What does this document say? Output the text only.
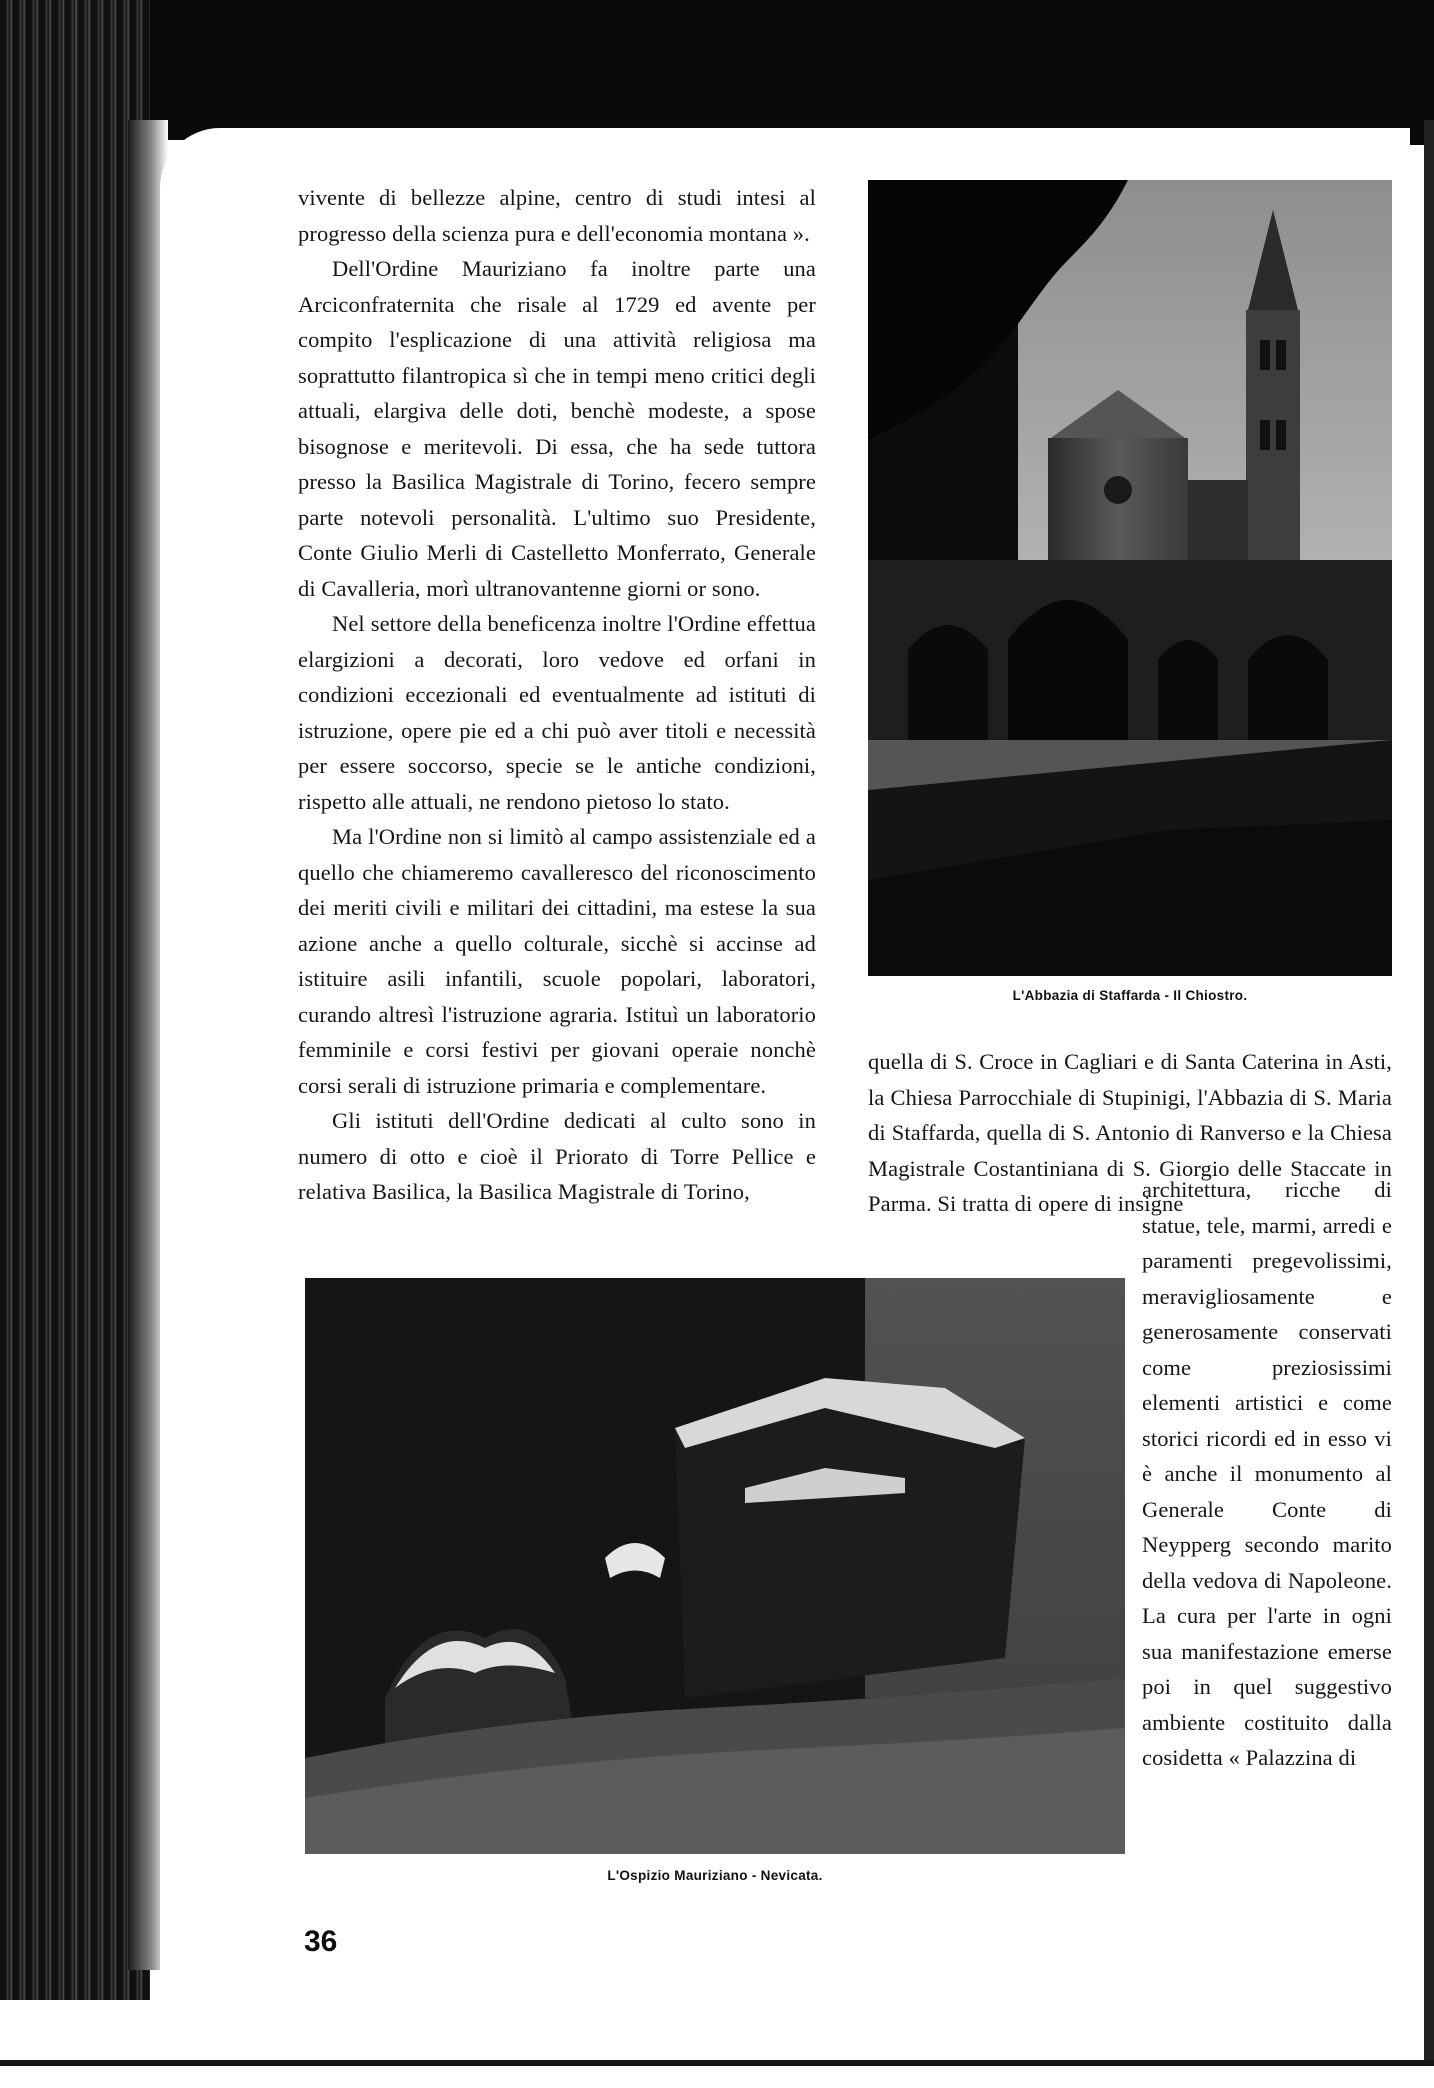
vivente di bellezze alpine, centro di studi intesi al progresso della scienza pura e dell'economia montana ».

Dell'Ordine Mauriziano fa inoltre parte una Arciconfraternita che risale al 1729 ed avente per compito l'esplicazione di una attività religiosa ma soprattutto filantropica sì che in tempi meno critici degli attuali, elargiva delle doti, benchè modeste, a spose bisognose e meritevoli. Di essa, che ha sede tuttora presso la Basilica Magistrale di Torino, fecero sempre parte notevoli personalità. L'ultimo suo Presidente, Conte Giulio Merli di Castelletto Monferrato, Generale di Cavalleria, morì ultranovantenne giorni or sono.

Nel settore della beneficenza inoltre l'Ordine effettua elargizioni a decorati, loro vedove ed orfani in condizioni eccezionali ed eventualmente ad istituti di istruzione, opere pie ed a chi può aver titoli e necessità per essere soccorso, specie se le antiche condizioni, rispetto alle attuali, ne rendono pietoso lo stato.

Ma l'Ordine non si limitò al campo assistenziale ed a quello che chiameremo cavalleresco del riconoscimento dei meriti civili e militari dei cittadini, ma estese la sua azione anche a quello colturale, sicchè si accinse ad istituire asili infantili, scuole popolari, laboratori, curando altresì l'istruzione agraria. Istituì un laboratorio femminile e corsi festivi per giovani operaie nonchè corsi serali di istruzione primaria e complementare.

Gli istituti dell'Ordine dedicati al culto sono in numero di otto e cioè il Priorato di Torre Pellice e relativa Basilica, la Basilica Magistrale di Torino,

L'Abbazia di Staffarda - Il Chiostro.

quella di S. Croce in Cagliari e di Santa Caterina in Asti, la Chiesa Parrocchiale di Stupinigi, l'Abbazia di S. Maria di Staffarda, quella di S. Antonio di Ranverso e la Chiesa Magistrale Costantiniana di S. Giorgio delle Staccate in Parma. Si tratta di opere di insigne

architettura, ricche di statue, tele, marmi, arredi e paramenti pregevolissimi, meravigliosamente e generosamente conservati come preziosissimi elementi artistici e come storici ricordi ed in esso vi è anche il monumento al Generale Conte di Neypperg secondo marito della vedova di Napoleone. La cura per l'arte in ogni sua manifestazione emerse poi in quel suggestivo ambiente costituito dalla cosidetta « Palazzina di

L'Ospizio Mauriziano - Nevicata.
36
